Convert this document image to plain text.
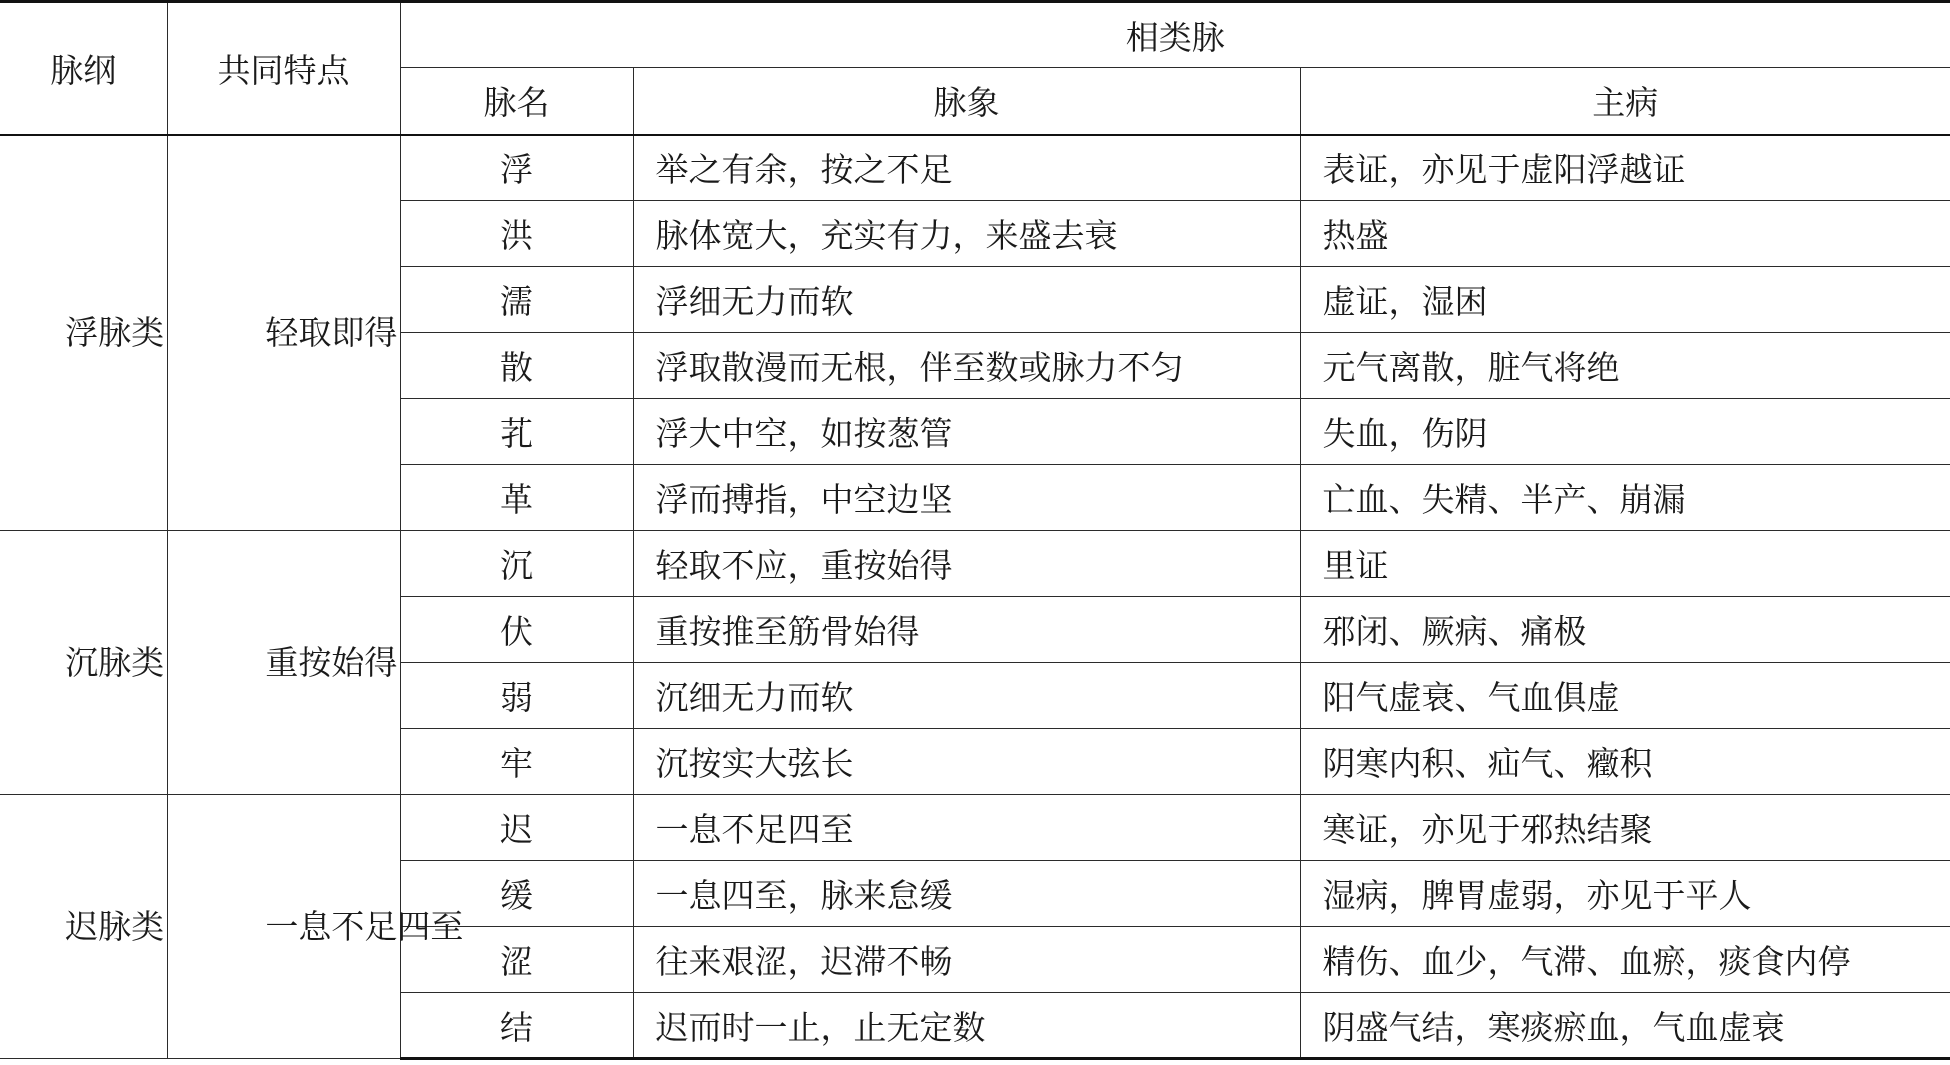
脉纲	共同特点	相类脉		
		脉名	脉象	主病
浮脉类	轻取即得	浮	举之有余，按之不足	表证，亦见于虚阳浮越证
		洪	脉体宽大，充实有力，来盛去衰	热盛
		濡	浮细无力而软	虚证，湿困
		散	浮取散漫而无根，伴至数或脉力不匀	元气离散，脏气将绝
		芤	浮大中空，如按葱管	失血，伤阴
		革	浮而搏指，中空边坚	亡血、失精、半产、崩漏
沉脉类	重按始得	沉	轻取不应，重按始得	里证
		伏	重按推至筋骨始得	邪闭、厥病、痛极
		弱	沉细无力而软	阳气虚衰、气血俱虚
		牢	沉按实大弦长	阴寒内积、疝气、癥积
迟脉类	一息不足四至	迟	一息不足四至	寒证，亦见于邪热结聚
		缓	一息四至，脉来怠缓	湿病，脾胃虚弱，亦见于平人
		涩	往来艰涩，迟滞不畅	精伤、血少，气滞、血瘀，痰食内停
		结	迟而时一止，止无定数	阴盛气结，寒痰瘀血，气血虚衰
